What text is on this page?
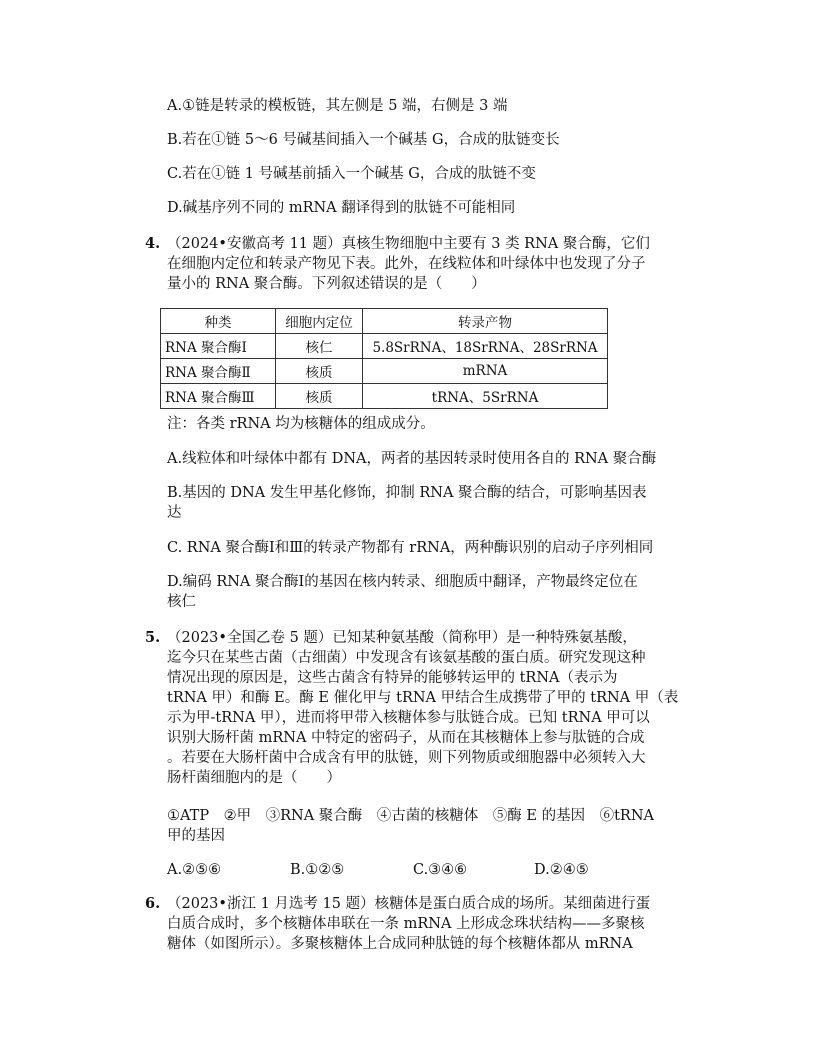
A.①链是转录的模板链，其左侧是 5 端，右侧是 3 端
B.若在①链 5～6 号碱基间插入一个碱基 G，合成的肽链变长
C.若在①链 1 号碱基前插入一个碱基 G，合成的肽链不变
D.碱基序列不同的 mRNA 翻译得到的肽链不可能相同
4. （2024•安徽高考 11 题）真核生物细胞中主要有 3 类 RNA 聚合酶，它们
在细胞内定位和转录产物见下表。此外，在线粒体和叶绿体中也发现了分子
量小的 RNA 聚合酶。下列叙述错误的是（　　）
种类	细胞内定位	转录产物
RNA 聚合酶Ⅰ	核仁	5.8SrRNA、18SrRNA、28SrRNA
RNA 聚合酶Ⅱ	核质	mRNA
RNA 聚合酶Ⅲ	核质	tRNA、5SrRNA
注：各类 rRNA 均为核糖体的组成成分。
A.线粒体和叶绿体中都有 DNA，两者的基因转录时使用各自的 RNA 聚合酶
B.基因的 DNA 发生甲基化修饰，抑制 RNA 聚合酶的结合，可影响基因表
达
C. RNA 聚合酶Ⅰ和Ⅲ的转录产物都有 rRNA，两种酶识别的启动子序列相同
D.编码 RNA 聚合酶Ⅰ的基因在核内转录、细胞质中翻译，产物最终定位在
核仁
5. （2023•全国乙卷 5 题）已知某种氨基酸（简称甲）是一种特殊氨基酸，
迄今只在某些古菌（古细菌）中发现含有该氨基酸的蛋白质。研究发现这种
情况出现的原因是，这些古菌含有特异的能够转运甲的 tRNA（表示为
tRNA 甲）和酶 E。酶 E 催化甲与 tRNA 甲结合生成携带了甲的 tRNA 甲（表
示为甲-tRNA 甲），进而将甲带入核糖体参与肽链合成。已知 tRNA 甲可以
识别大肠杆菌 mRNA 中特定的密码子，从而在其核糖体上参与肽链的合成
。若要在大肠杆菌中合成含有甲的肽链，则下列物质或细胞器中必须转入大
肠杆菌细胞内的是（　　）
①ATP　②甲　③RNA 聚合酶　④古菌的核糖体　⑤酶 E 的基因　⑥tRNA
甲的基因
A.②⑤⑥	B.①②⑤	C.③④⑥	D.②④⑤
6. （2023•浙江 1 月选考 15 题）核糖体是蛋白质合成的场所。某细菌进行蛋
白质合成时，多个核糖体串联在一条 mRNA 上形成念珠状结构——多聚核
糖体（如图所示）。多聚核糖体上合成同种肽链的每个核糖体都从 mRNA
